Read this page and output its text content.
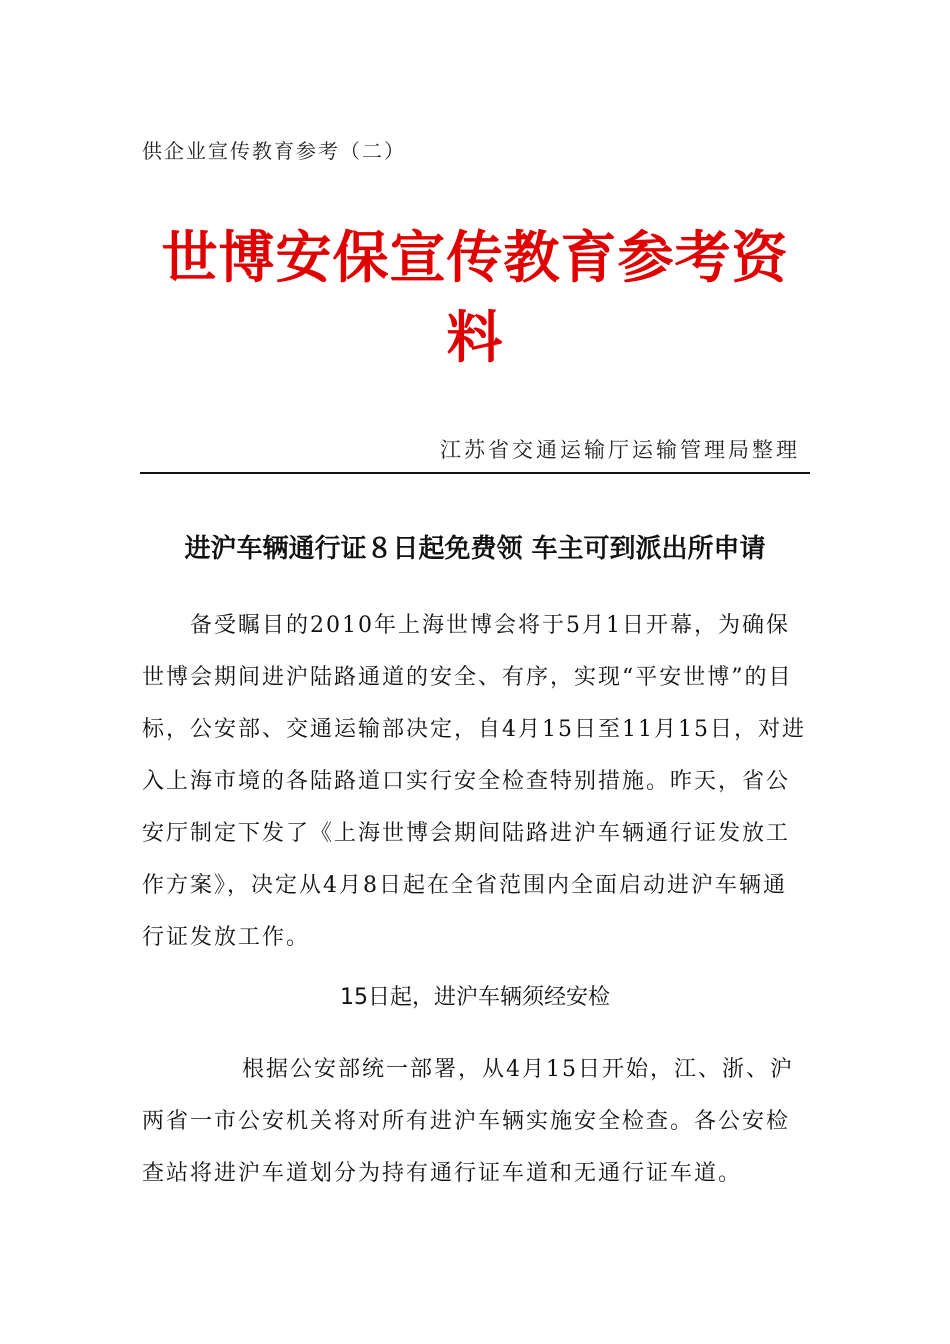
供企业宣传教育参考（二）
世博安保宣传教育参考资料
江苏省交通运输厅运输管理局整理
进沪车辆通行证８日起免费领 车主可到派出所申请
备受瞩目的2010年上海世博会将于5月1日开幕，为确保世博会期间进沪陆路通道的安全、有序，实现“平安世博”的目标，公安部、交通运输部决定，自4月15日至11月15日，对进入上海市境的各陆路道口实行安全检查特别措施。昨天，省公安厅制定下发了《上海世博会期间陆路进沪车辆通行证发放工作方案》，决定从4月8日起在全省范围内全面启动进沪车辆通行证发放工作。
15日起，进沪车辆须经安检
根据公安部统一部署，从4月15日开始，江、浙、沪两省一市公安机关将对所有进沪车辆实施安全检查。各公安检查站将进沪车道划分为持有通行证车道和无通行证车道。
